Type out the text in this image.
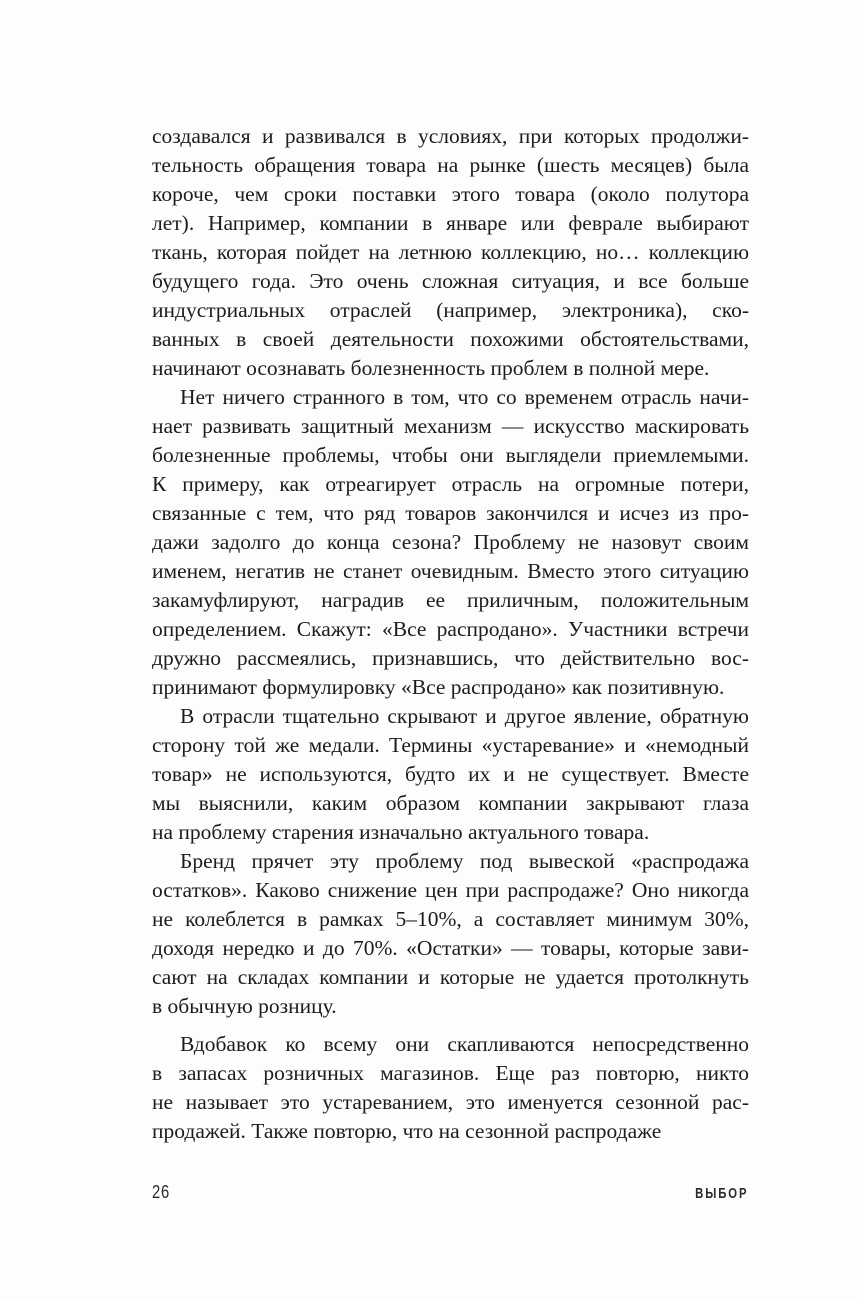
создавался и развивался в условиях, при которых продолжи-
тельность обращения товара на рынке (шесть месяцев) была
короче, чем сроки поставки этого товара (около полутора
лет). Например, компании в январе или феврале выбирают
ткань, которая пойдет на летнюю коллекцию, но… коллекцию
будущего года. Это очень сложная ситуация, и все больше
индустриальных отраслей (например, электроника), ско-
ванных в своей деятельности похожими обстоятельствами,
начинают осознавать болезненность проблем в полной мере.
Нет ничего странного в том, что со временем отрасль начи-
нает развивать защитный механизм — искусство маскировать
болезненные проблемы, чтобы они выглядели приемлемыми.
К примеру, как отреагирует отрасль на огромные потери,
связанные с тем, что ряд товаров закончился и исчез из про-
дажи задолго до конца сезона? Проблему не назовут своим
именем, негатив не станет очевидным. Вместо этого ситуацию
закамуфлируют, наградив ее приличным, положительным
определением. Скажут: «Все распродано». Участники встречи
дружно рассмеялись, признавшись, что действительно вос-
принимают формулировку «Все распродано» как позитивную.
В отрасли тщательно скрывают и другое явление, обратную
сторону той же медали. Термины «устаревание» и «немодный
товар» не используются, будто их и не существует. Вместе
мы выяснили, каким образом компании закрывают глаза
на проблему старения изначально актуального товара.
Бренд прячет эту проблему под вывеской «распродажа
остатков». Каково снижение цен при распродаже? Оно никогда
не колеблется в рамках 5–10%, а составляет минимум 30%,
доходя нередко и до 70%. «Остатки» — товары, которые зави-
сают на складах компании и которые не удается протолкнуть
в обычную розницу.
Вдобавок ко всему они скапливаются непосредственно
в запасах розничных магазинов. Еще раз повторю, никто
не называет это устареванием, это именуется сезонной рас-
продажей. Также повторю, что на сезонной распродаже
26	ВЫБОР
